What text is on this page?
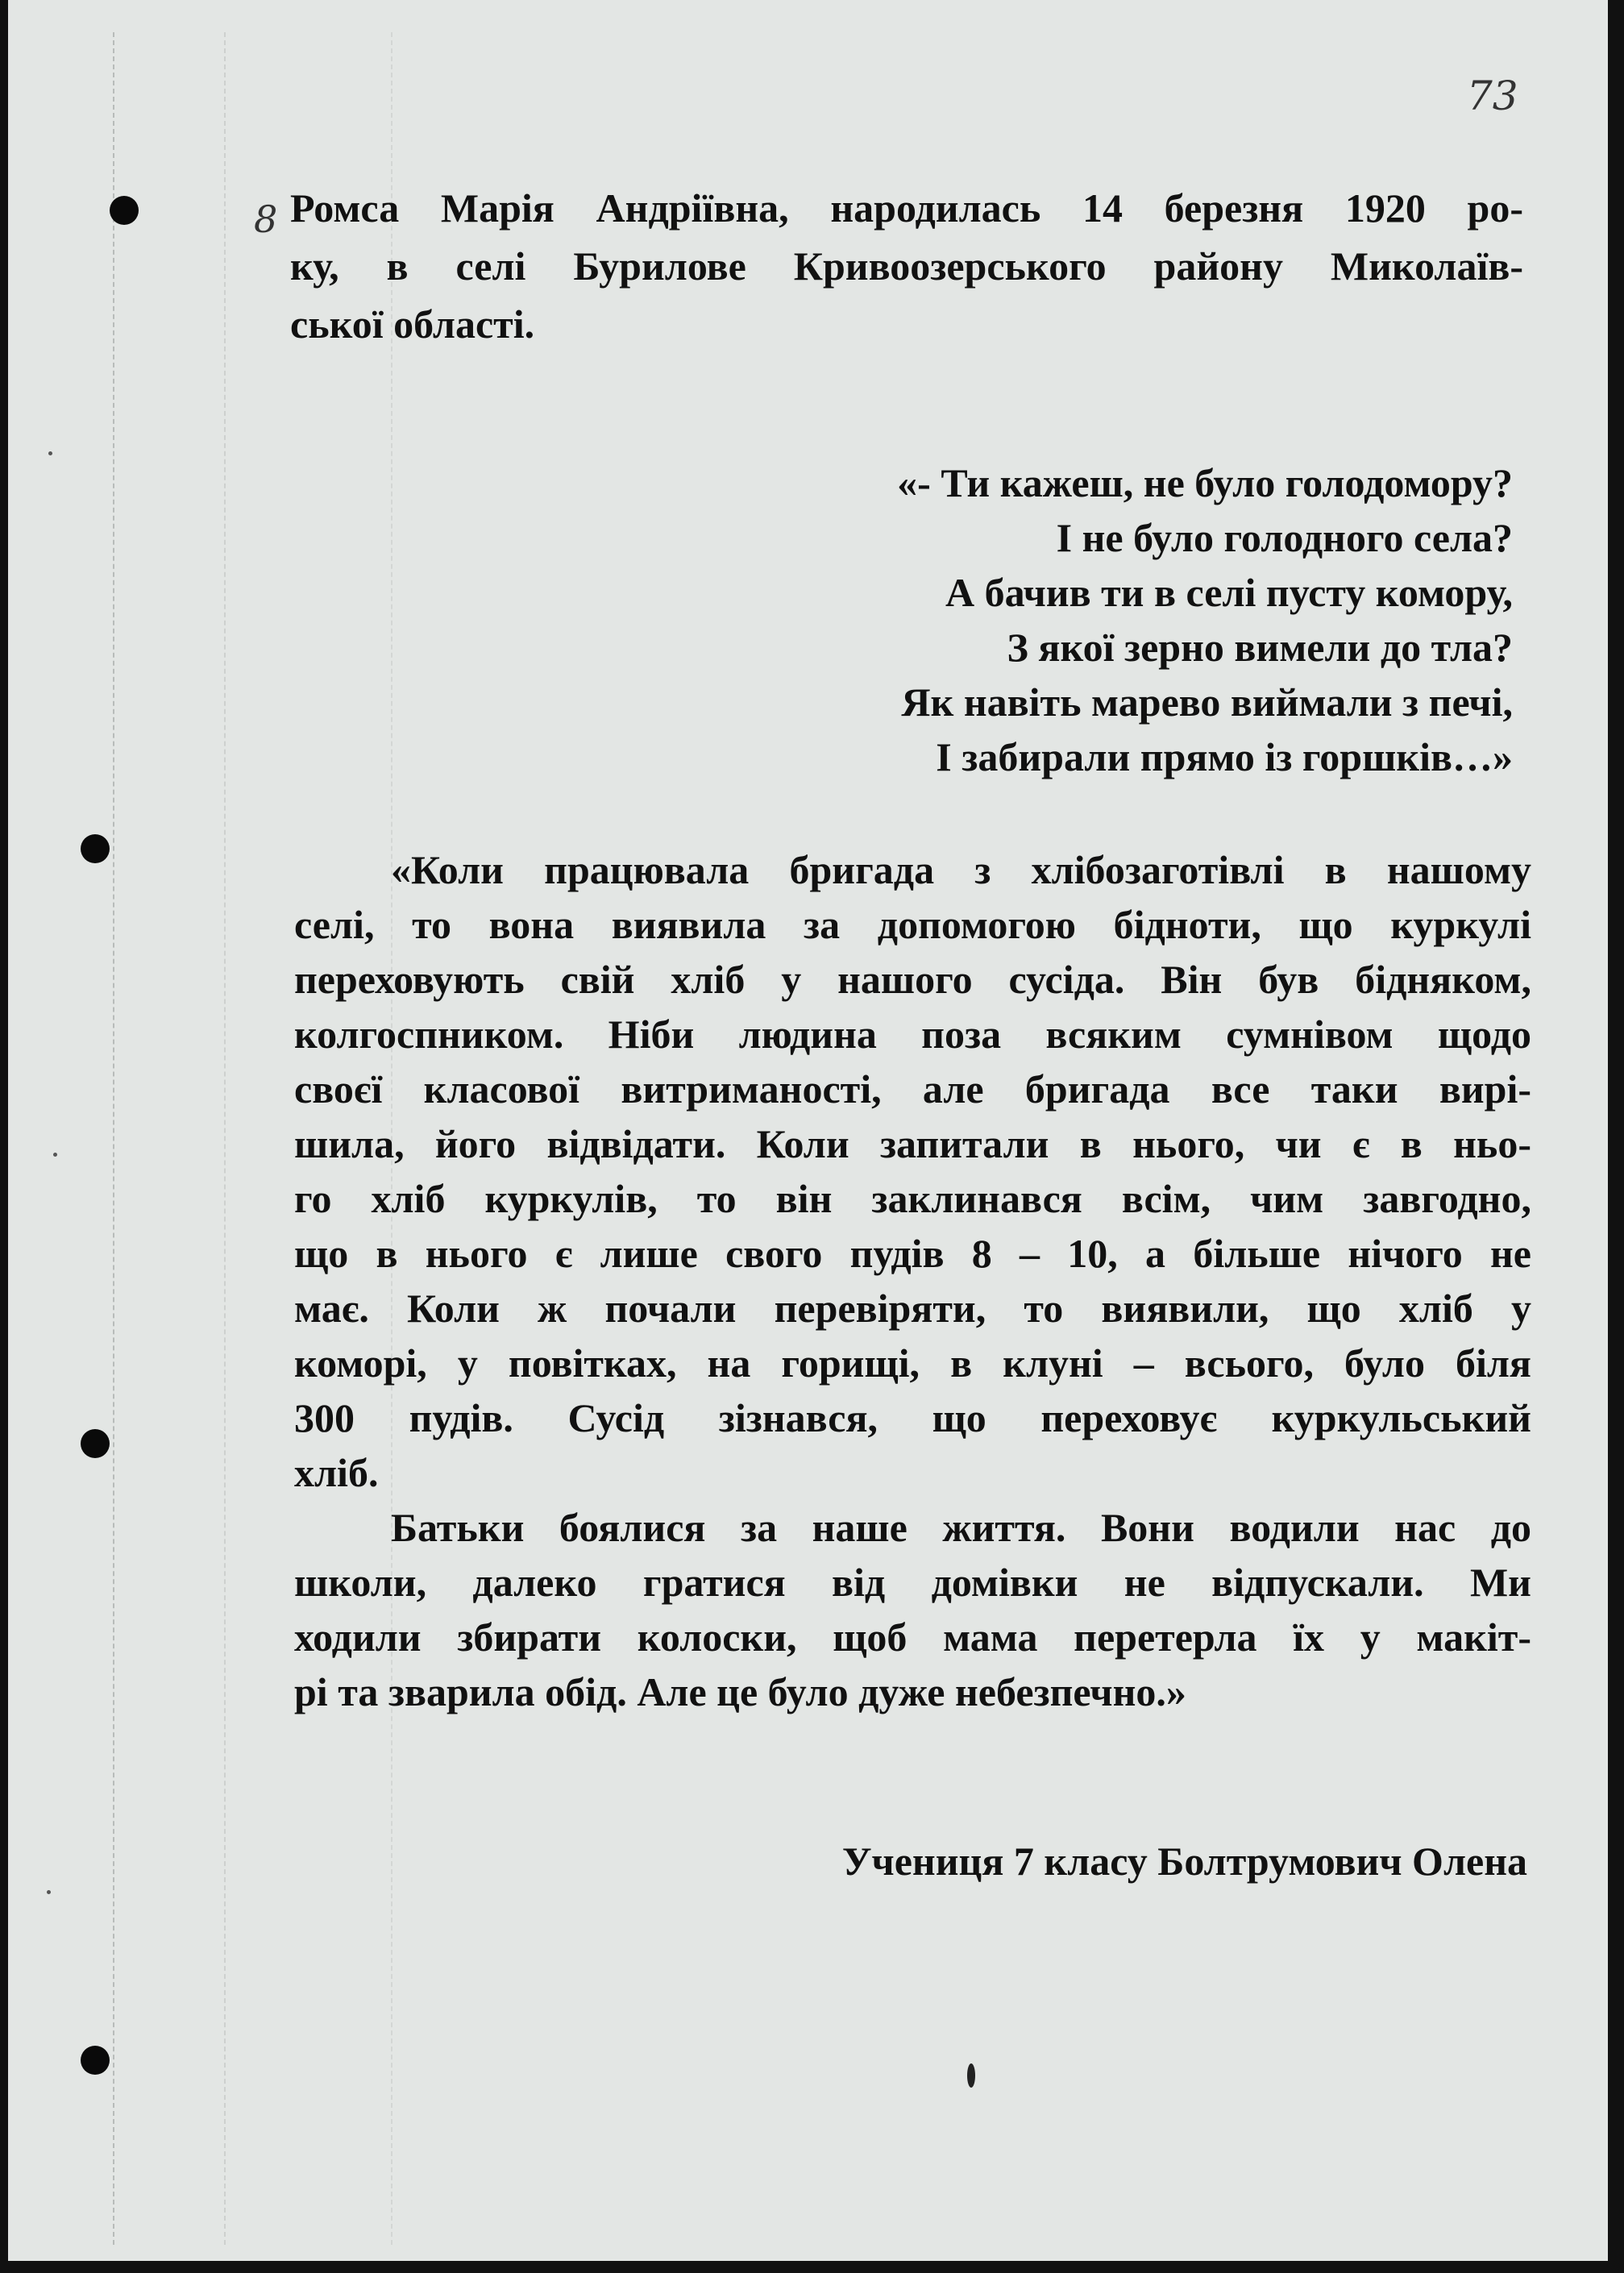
73
8 Ромса Марія Андріївна, народилась 14 березня 1920 ро-
ку, в селі Бурилове Кривоозерського району Миколаїв-
ської області.
«- Ти кажеш, не було голодомору?
І не було голодного села?
А бачив ти в селі пусту комору,
З якої зерно вимели до тла?
Як навіть марево виймали з печі,
І забирали прямо із горшків…»
«Коли працювала бригада з хлібозаготівлі в нашому
селі, то вона виявила за допомогою бідноти, що куркулі
переховують свій хліб у нашого сусіда. Він був бідняком,
колгоспником. Ніби людина поза всяким сумнівом щодо
своєї класової витриманості, але бригада все таки вирі-
шила, його відвідати. Коли запитали в нього, чи є в ньо-
го хліб куркулів, то він заклинався всім, чим завгодно,
що в нього є лише свого пудів 8 – 10, а більше нічого не
має. Коли ж почали перевіряти, то виявили, що хліб у
коморі, у повітках, на горищі, в клуні – всього, було біля
300 пудів. Сусід зізнався, що переховує куркульський
хліб.
Батьки боялися за наше життя. Вони водили нас до
школи, далеко гратися від домівки не відпускали. Ми
ходили збирати колоски, щоб мама перетерла їх у макіт-
рі та зварила обід. Але це було дуже небезпечно.»
Учениця 7 класу Болтрумович Олена
